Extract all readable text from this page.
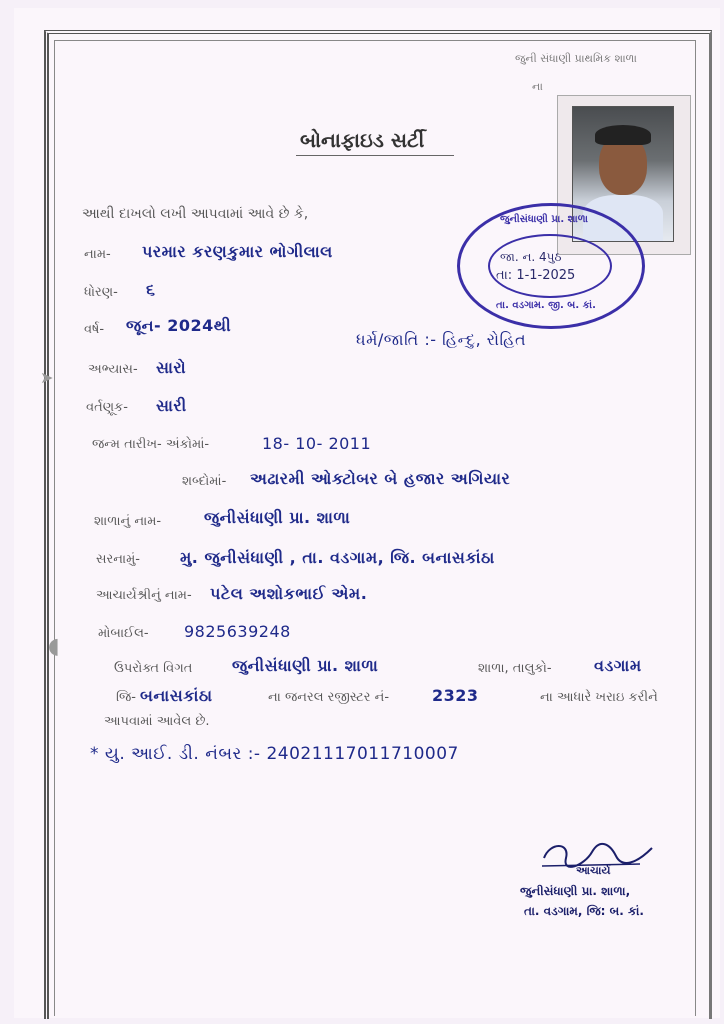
જુની સંધાણી પ્રાથમિક શાળા
ના
બોનાફાઇડ સર્ટી
જુનીસંધાણી પ્રા. શાળા
જા. ન. 4પુઠ
તા: 1-1-2025
તા. વડગામ. જી. બ. કાં.
આથી દાખલો લખી આપવામાં આવે છે કે,
નામ- પરમાર કરણકુમાર ભોગીલાલ
ધોરણ- ૬
વર્ષ- જૂન- 2024થી
ધર્મ/જાતિ :- હિન્દુ, રોહિત
અભ્યાસ- સારો
વર્તણૂક- સારી
જન્મ તારીખ- અંકોમાં-	18- 10- 2011
શબ્દોમાં- અઢારમી ઓક્ટોબર બે હજાર અગિયાર
શાળાનું નામ-	જુનીસંધાણી પ્રા. શાળા
સરનામું-	મુ. જુનીસંધાણી , તા. વડગામ, જિ. બનાસકાંઠા
આચાર્યશ્રીનું નામ- પટેલ અશોકભાઈ એમ.
મોબાઈલ- 9825639248
◖
➤
ઉપરોક્ત વિગત જુનીસંધાણી પ્રા. શાળા	શાળા, તાલુકો-	વડગામ
જિ- બનાસકાંઠા	ના જનરલ રજીસ્ટર નં-	2323	ના આધારે ખરાઇ કરીને
આપવામાં આવેલ છે.
* યુ. આઈ. ડી. નંબર :- 24021117011710007
આચાર્ય
જુનીસંધાણી પ્રા. શાળા,
તા. વડગામ, જિ: બ. કાં.
